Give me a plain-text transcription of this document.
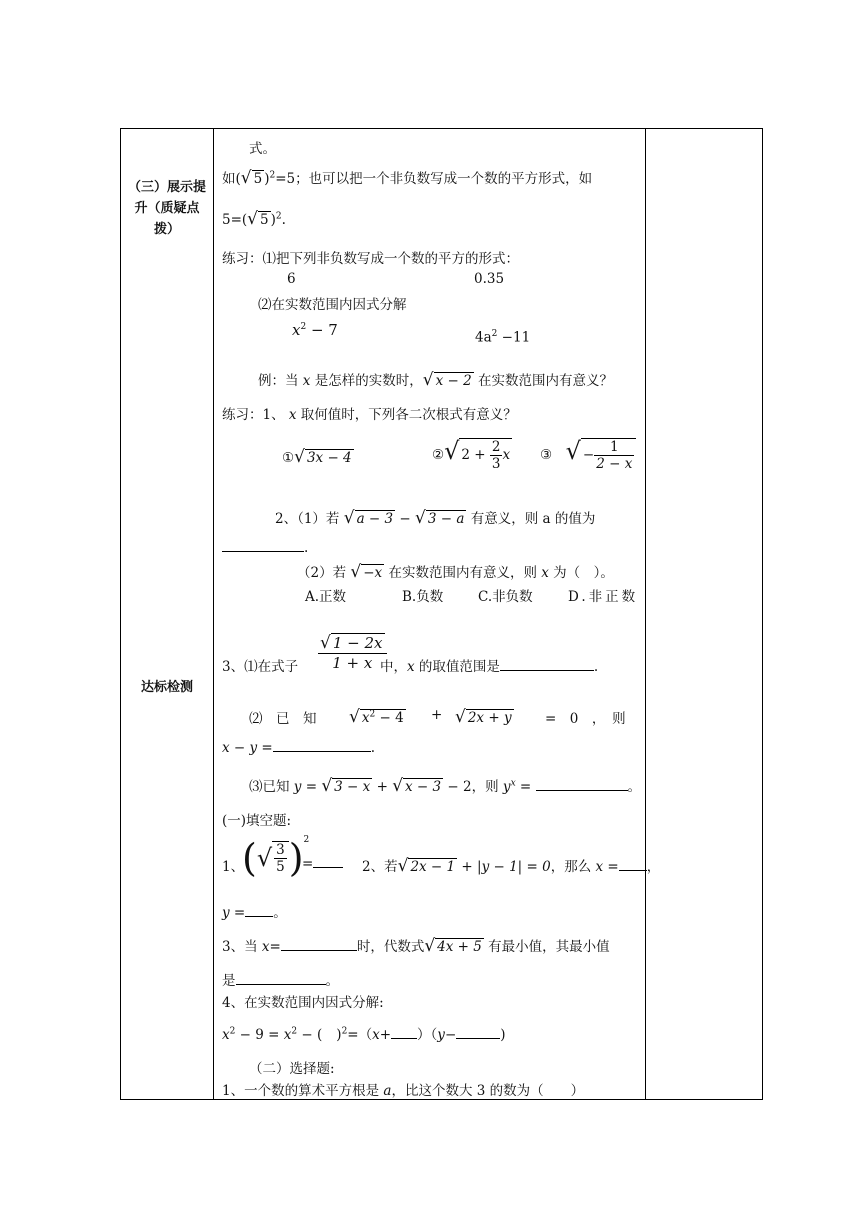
（三）展示提升（质疑点拨）
达标检测
式。
如(√ 5 )$^2$=5；也可以把一个非负数写成一个数的平方形式，如
5=(√ 5 )$^2$.
练习：⑴把下列非负数写成一个数的平方的形式：
6	0.35
⑵在实数范围内因式分解
$x^2 - 7$	$4a^2 -11$
例：当 x 是怎样的实数时，√ x − 2 在实数范围内有意义？
练习：1、 x 取何值时，下列各二次根式有意义？
①√ 3x − 4	②√ $2 + \frac{2}{3}$ x ③　 √ − $\frac{1}{2 - x}$
2、（1）若 √ a − 3 − √ 3 − a 有意义，则 a 的值为
.
（2）若 √ −x 在实数范围内有意义，则 x 为（　）。
A.正数	B.负数	C.非负数	D.非正数
3、⑴在式子 $\frac{√ 1 - 2x}{1 + x}$
中，x 的取值范围是	.
⑵　已　知 √ $x^2 - 4$ + √ 2x + y =　0　，　则
x − y =	.
⑶已知 y = √ 3 − x + √ x − 3 − 2，则 $y^x$ =	。
(一)填空题:
1、
(√ $\frac{3}{5} )^2$
=	2、若√ 2x − 1 + |y − 1| = 0，那么 x = ，
y = 。
3、当 x=	时，代数式√ 4x + 5 有最小值，其最小值
是	。
4、在实数范围内因式分解:
$x^2 - 9 = x^2$ − ( )$^2$=（x+ ）（y−	)
（二）选择题:
1、一个数的算术平方根是 a，比这个数大 3 的数为（　　）
